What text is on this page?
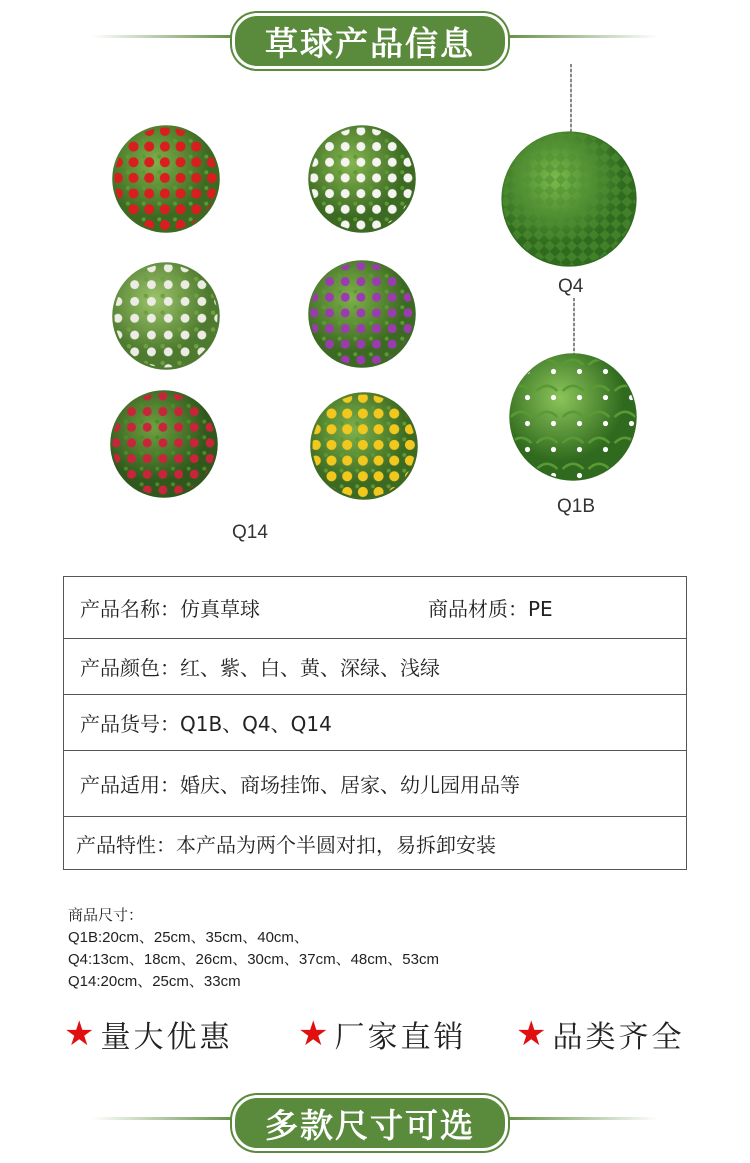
草球产品信息
Q14
Q4
Q1B
产品名称： 仿真草球	商品材质：PE
产品颜色： 红、紫、白、黄、深绿、浅绿
产品货号： Q1B、Q4、Q14
产品适用： 婚庆、商场挂饰、居家、幼儿园用品等
产品特性： 本产品为两个半圆对扣，易拆卸安装
商品尺寸：
Q1B:20cm、25cm、35cm、40cm、
Q4:13cm、18cm、26cm、30cm、37cm、48cm、53cm
Q14:20cm、25cm、33cm
★ 量大优惠 ★ 厂家直销 ★ 品类齐全
多款尺寸可选
